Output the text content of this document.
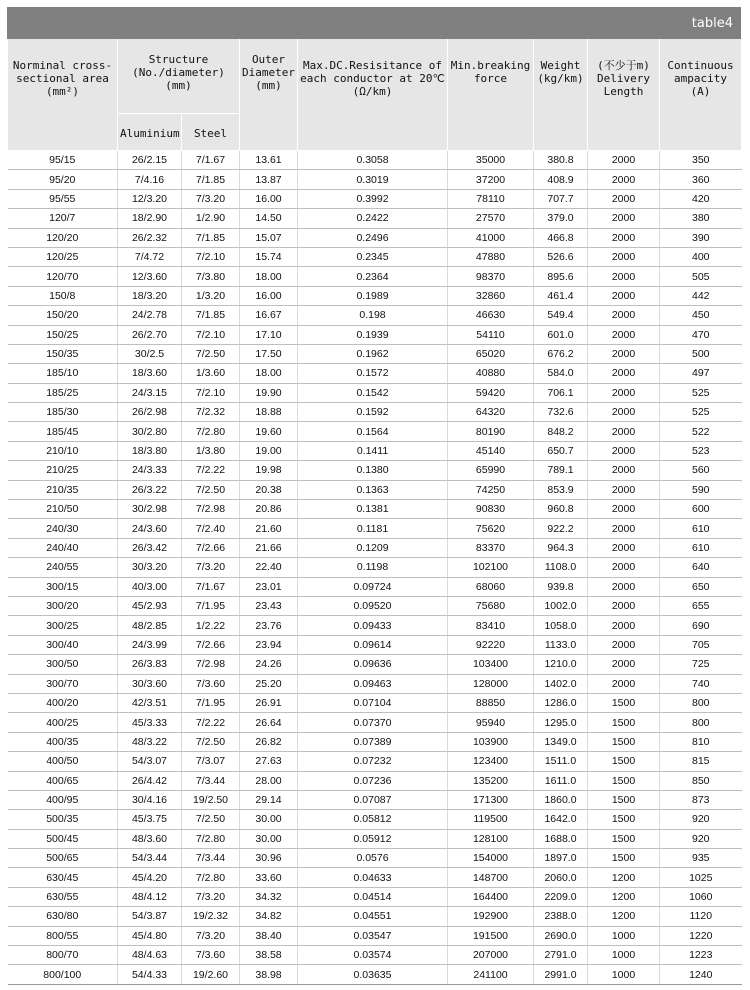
table4
Norminal cross-sectional area (mm²)	Structure (No./diameter) (mm)		Outer Diameter (mm)	Max.DC.Resisitance of each conductor at 20℃(Ω/km)	Min.breaking force	Weight (kg/km)	(不少于m) Delivery Length	Continuous ampacity (A)
	Aluminium	Steel						
95/15	26/2.15	7/1.67	13.61	0.3058	35000	380.8	2000	350
95/20	7/4.16	7/1.85	13.87	0.3019	37200	408.9	2000	360
95/55	12/3.20	7/3.20	16.00	0.3992	78110	707.7	2000	420
120/7	18/2.90	1/2.90	14.50	0.2422	27570	379.0	2000	380
120/20	26/2.32	7/1.85	15.07	0.2496	41000	466.8	2000	390
120/25	7/4.72	7/2.10	15.74	0.2345	47880	526.6	2000	400
120/70	12/3.60	7/3.80	18.00	0.2364	98370	895.6	2000	505
150/8	18/3.20	1/3.20	16.00	0.1989	32860	461.4	2000	442
150/20	24/2.78	7/1.85	16.67	0.198	46630	549.4	2000	450
150/25	26/2.70	7/2.10	17.10	0.1939	54110	601.0	2000	470
150/35	30/2.5	7/2.50	17.50	0.1962	65020	676.2	2000	500
185/10	18/3.60	1/3.60	18.00	0.1572	40880	584.0	2000	497
185/25	24/3.15	7/2.10	19.90	0.1542	59420	706.1	2000	525
185/30	26/2.98	7/2.32	18.88	0.1592	64320	732.6	2000	525
185/45	30/2.80	7/2.80	19.60	0.1564	80190	848.2	2000	522
210/10	18/3.80	1/3.80	19.00	0.1411	45140	650.7	2000	523
210/25	24/3.33	7/2.22	19.98	0.1380	65990	789.1	2000	560
210/35	26/3.22	7/2.50	20.38	0.1363	74250	853.9	2000	590
210/50	30/2.98	7/2.98	20.86	0.1381	90830	960.8	2000	600
240/30	24/3.60	7/2.40	21.60	0.1181	75620	922.2	2000	610
240/40	26/3.42	7/2.66	21.66	0.1209	83370	964.3	2000	610
240/55	30/3.20	7/3.20	22.40	0.1198	102100	1108.0	2000	640
300/15	40/3.00	7/1.67	23.01	0.09724	68060	939.8	2000	650
300/20	45/2.93	7/1.95	23.43	0.09520	75680	1002.0	2000	655
300/25	48/2.85	1/2.22	23.76	0.09433	83410	1058.0	2000	690
300/40	24/3.99	7/2.66	23.94	0.09614	92220	1133.0	2000	705
300/50	26/3.83	7/2.98	24.26	0.09636	103400	1210.0	2000	725
300/70	30/3.60	7/3.60	25.20	0.09463	128000	1402.0	2000	740
400/20	42/3.51	7/1.95	26.91	0.07104	88850	1286.0	1500	800
400/25	45/3.33	7/2.22	26.64	0.07370	95940	1295.0	1500	800
400/35	48/3.22	7/2.50	26.82	0.07389	103900	1349.0	1500	810
400/50	54/3.07	7/3.07	27.63	0.07232	123400	1511.0	1500	815
400/65	26/4.42	7/3.44	28.00	0.07236	135200	1611.0	1500	850
400/95	30/4.16	19/2.50	29.14	0.07087	171300	1860.0	1500	873
500/35	45/3.75	7/2.50	30.00	0.05812	119500	1642.0	1500	920
500/45	48/3.60	7/2.80	30.00	0.05912	128100	1688.0	1500	920
500/65	54/3.44	7/3.44	30.96	0.0576	154000	1897.0	1500	935
630/45	45/4.20	7/2.80	33.60	0.04633	148700	2060.0	1200	1025
630/55	48/4.12	7/3.20	34.32	0.04514	164400	2209.0	1200	1060
630/80	54/3.87	19/2.32	34.82	0.04551	192900	2388.0	1200	1120
800/55	45/4.80	7/3.20	38.40	0.03547	191500	2690.0	1000	1220
800/70	48/4.63	7/3.60	38.58	0.03574	207000	2791.0	1000	1223
800/100	54/4.33	19/2.60	38.98	0.03635	241100	2991.0	1000	1240
